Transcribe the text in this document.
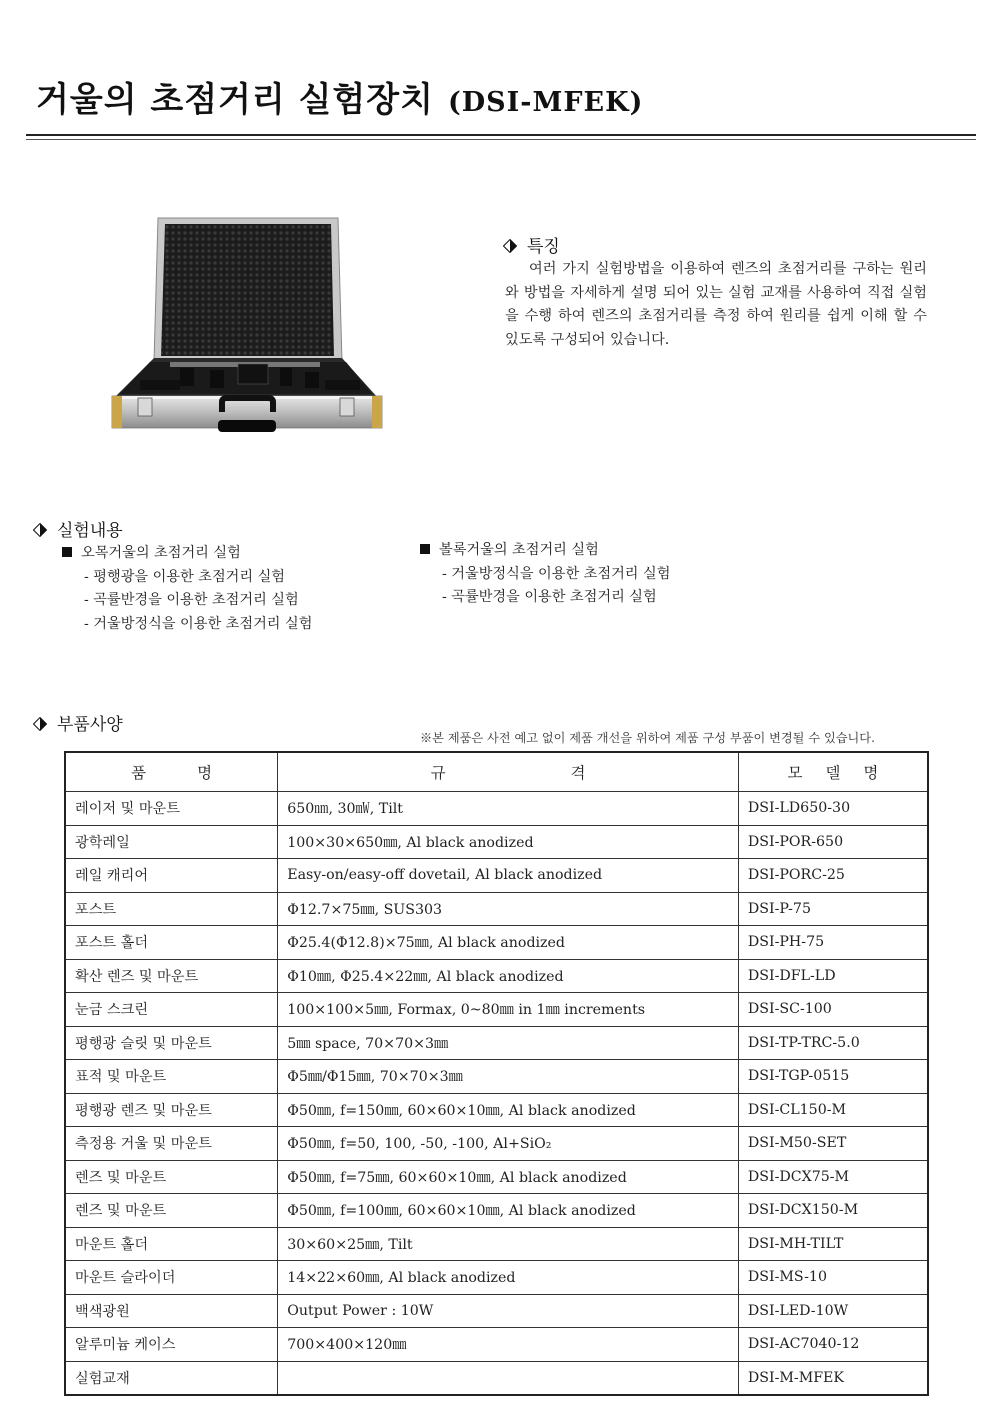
거울의 초점거리 실험장치 (DSI-MFEK)
특징
여러 가지 실험방법을 이용하여 렌즈의 초점거리를 구하는 원리와 방법을 자세하게 설명 되어 있는 실험 교재를 사용하여 직접 실험을 수행 하여 렌즈의 초점거리를 측정 하여 원리를 쉽게 이해 할 수 있도록 구성되어 있습니다.
실험내용
오목거울의 초점거리 실험
- 평행광을 이용한 초점거리 실험
- 곡률반경을 이용한 초점거리 실험
- 거울방정식을 이용한 초점거리 실험
볼록거울의 초점거리 실험
- 거울방정식을 이용한 초점거리 실험
- 곡률반경을 이용한 초점거리 실험
부품사양
※본 제품은 사전 예고 없이 제품 개선을 위하여 제품 구성 부품이 변경될 수 있습니다.
품 명	규 격	모 델 명
레이저 및 마운트	650㎚, 30㎽, Tilt	DSI-LD650-30
광학레일	100×30×650㎜, Al black anodized	DSI-POR-650
레일 캐리어	Easy-on/easy-off dovetail, Al black anodized	DSI-PORC-25
포스트	Φ12.7×75㎜, SUS303	DSI-P-75
포스트 홀더	Φ25.4(Φ12.8)×75㎜, Al black anodized	DSI-PH-75
확산 렌즈 및 마운트	Φ10㎜, Φ25.4×22㎜, Al black anodized	DSI-DFL-LD
눈금 스크린	100×100×5㎜, Formax, 0~80㎜ in 1㎜ increments	DSI-SC-100
평행광 슬릿 및 마운트	5㎜ space, 70×70×3㎜	DSI-TP-TRC-5.0
표적 및 마운트	Φ5㎜/Φ15㎜, 70×70×3㎜	DSI-TGP-0515
평행광 렌즈 및 마운트	Φ50㎜, f=150㎜, 60×60×10㎜, Al black anodized	DSI-CL150-M
측정용 거울 및 마운트	Φ50㎜, f=50, 100, -50, -100, Al+SiO₂	DSI-M50-SET
렌즈 및 마운트	Φ50㎜, f=75㎜, 60×60×10㎜, Al black anodized	DSI-DCX75-M
렌즈 및 마운트	Φ50㎜, f=100㎜, 60×60×10㎜, Al black anodized	DSI-DCX150-M
마운트 홀더	30×60×25㎜, Tilt	DSI-MH-TILT
마운트 슬라이더	14×22×60㎜, Al black anodized	DSI-MS-10
백색광원	Output Power : 10W	DSI-LED-10W
알루미늄 케이스	700×400×120㎜	DSI-AC7040-12
실험교재		DSI-M-MFEK
